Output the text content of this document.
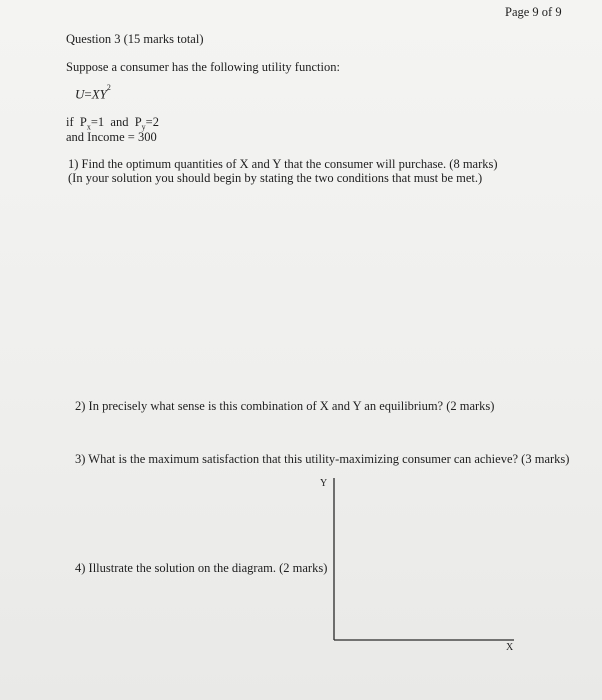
Page 9 of 9
Question 3 (15 marks total)
Suppose a consumer has the following utility function:
$U=XY^2$
if $P_x=1$ and $P_y=2$
and Income = 300
1) Find the optimum quantities of X and Y that the consumer will purchase. (8 marks)
(In your solution you should begin by stating the two conditions that must be met.)
2) In precisely what sense is this combination of X and Y an equilibrium? (2 marks)
3) What is the maximum satisfaction that this utility-maximizing consumer can achieve? (3 marks)
4) Illustrate the solution on the diagram. (2 marks)
Y
X
